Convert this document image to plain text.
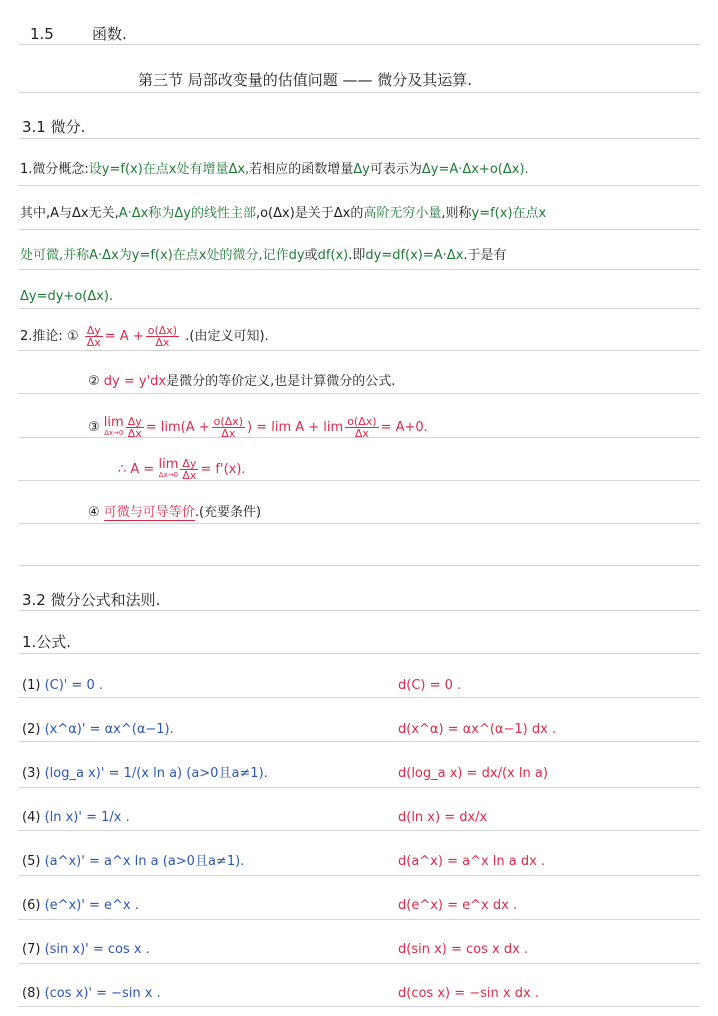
1.5	函数.
第三节 局部改变量的估值问题 —— 微分及其运算.
3.1 微分.
1.微分概念:设y=f(x)在点x处有增量Δx,若相应的函数增量Δy可表示为Δy=A·Δx+o(Δx).
其中,A与Δx无关,A·Δx称为Δy的线性主部,o(Δx)是关于Δx的高阶无穷小量,则称y=f(x)在点x
处可微,并称A·Δx为y=f(x)在点x处的微分,记作dy或df(x).即dy=df(x)=A·Δx.于是有
Δy=dy+o(Δx).
2.推论: ① $\frac{\Delta y}{\Delta x} = A + \frac{o(\Delta x)}{\Delta x}$ .(由定义可知).
② dy = y'dx是微分的等价定义,也是计算微分的公式.
③ lim
$\Delta x\to 0 \frac{\Delta y}{\Delta x} = \lim(A + \frac{o(\Delta x)}{\Delta x}$ ) = $\lim A + \lim \frac{o(\Delta x)}{\Delta x} = A+0$.
∴ A = lim
$\Delta x\to 0 \frac{\Delta y}{\Delta x} = f'(x)$.
④ 可微与可导等价.(充要条件)
3.2 微分公式和法则.
1.公式.
(1) (C)' = 0 .	d(C) = 0 .
(2) (x^α)' = αx^(α−1).	d(x^α) = αx^(α−1) dx .
(3) (log_a x)' = 1/(x ln a) (a>0且a≠1).	d(log_a x) = dx/(x ln a)
(4) (ln x)' = 1/x .	d(ln x) = dx/x
(5) (a^x)' = a^x ln a (a>0且a≠1).	d(a^x) = a^x ln a dx .
(6) (e^x)' = e^x .	d(e^x) = e^x dx .
(7) (sin x)' = cos x .	d(sin x) = cos x dx .
(8) (cos x)' = −sin x .	d(cos x) = −sin x dx .
